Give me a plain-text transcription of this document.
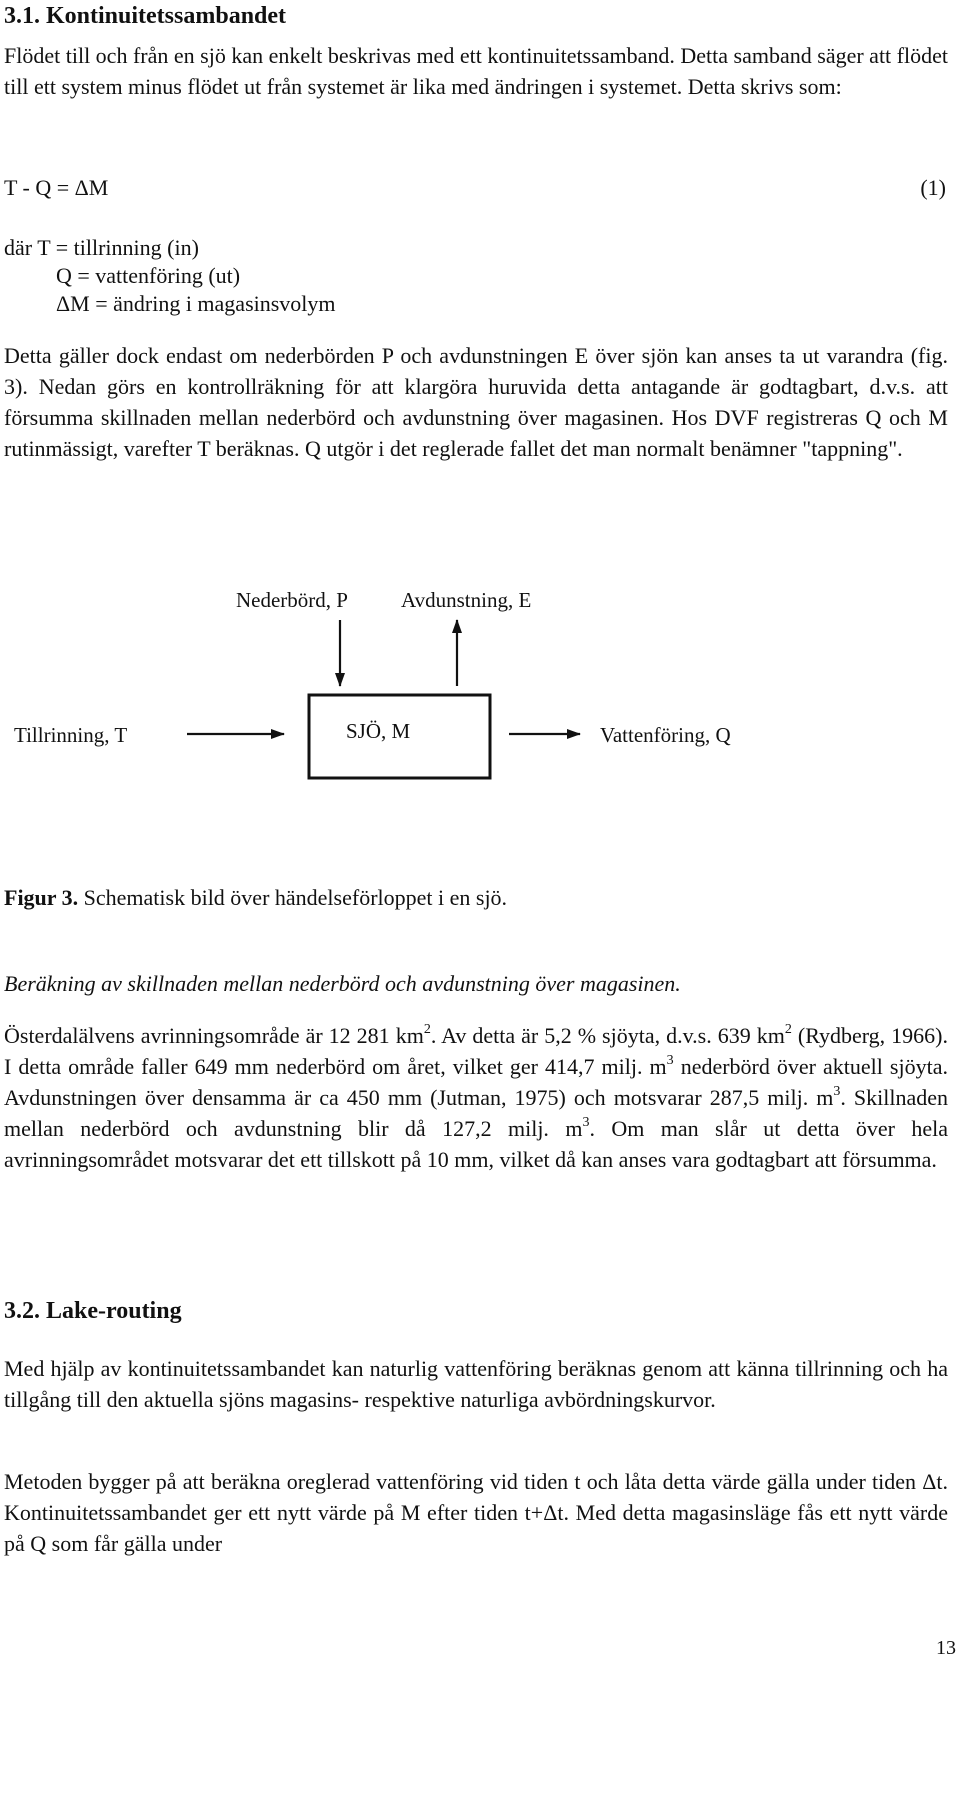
3.1. Kontinuitetssambandet

Flödet till och från en sjö kan enkelt beskrivas med ett kontinuitetssamband. Detta samband säger att flödet till ett system minus flödet ut från systemet är lika med ändringen i systemet. Detta skrivs som:

T - Q = ΔM	(1)
där T = tillrinning (in)
Q = vattenföring (ut)
ΔM = ändring i magasinsvolym

Detta gäller dock endast om nederbörden P och avdunstningen E över sjön kan anses ta ut varandra (fig. 3). Nedan görs en kontrollräkning för att klargöra huruvida detta antagande är godtagbart, d.v.s. att försumma skillnaden mellan nederbörd och avdunstning över magasinen. Hos DVF registreras Q och M rutinmässigt, varefter T beräknas. Q utgör i det reglerade fallet det man normalt benämner "tappning".

Nederbörd, P	Avdunstning, E
Tillrinning, T	SJÖ, M	Vattenföring, Q
Figur 3. Schematisk bild över händelseförloppet i en sjö.
Beräkning av skillnaden mellan nederbörd och avdunstning över magasinen.

Österdalälvens avrinningsområde är 12 281 $km^2$. Av detta är 5,2 % sjöyta, d.v.s. 639 $km^2$ (Rydberg, 1966). I detta område faller 649 mm nederbörd om året, vilket ger 414,7 milj. $m^3$ nederbörd över aktuell sjöyta. Avdunstningen över densamma är ca 450 mm (Jutman, 1975) och motsvarar 287,5 milj. $m^3$. Skillnaden mellan nederbörd och avdunstning blir då 127,2 milj. $m^3$. Om man slår ut detta över hela avrinningsområdet motsvarar det ett tillskott på 10 mm, vilket då kan anses vara godtagbart att försumma.

3.2. Lake-routing

Med hjälp av kontinuitetssambandet kan naturlig vattenföring beräknas genom att känna tillrinning och ha tillgång till den aktuella sjöns magasins- respektive naturliga avbördningskurvor.

Metoden bygger på att beräkna oreglerad vattenföring vid tiden t och låta detta värde gälla under tiden Δt. Kontinuitetssambandet ger ett nytt värde på M efter tiden t+Δt. Med detta magasinsläge fås ett nytt värde på Q som får gälla under

13
